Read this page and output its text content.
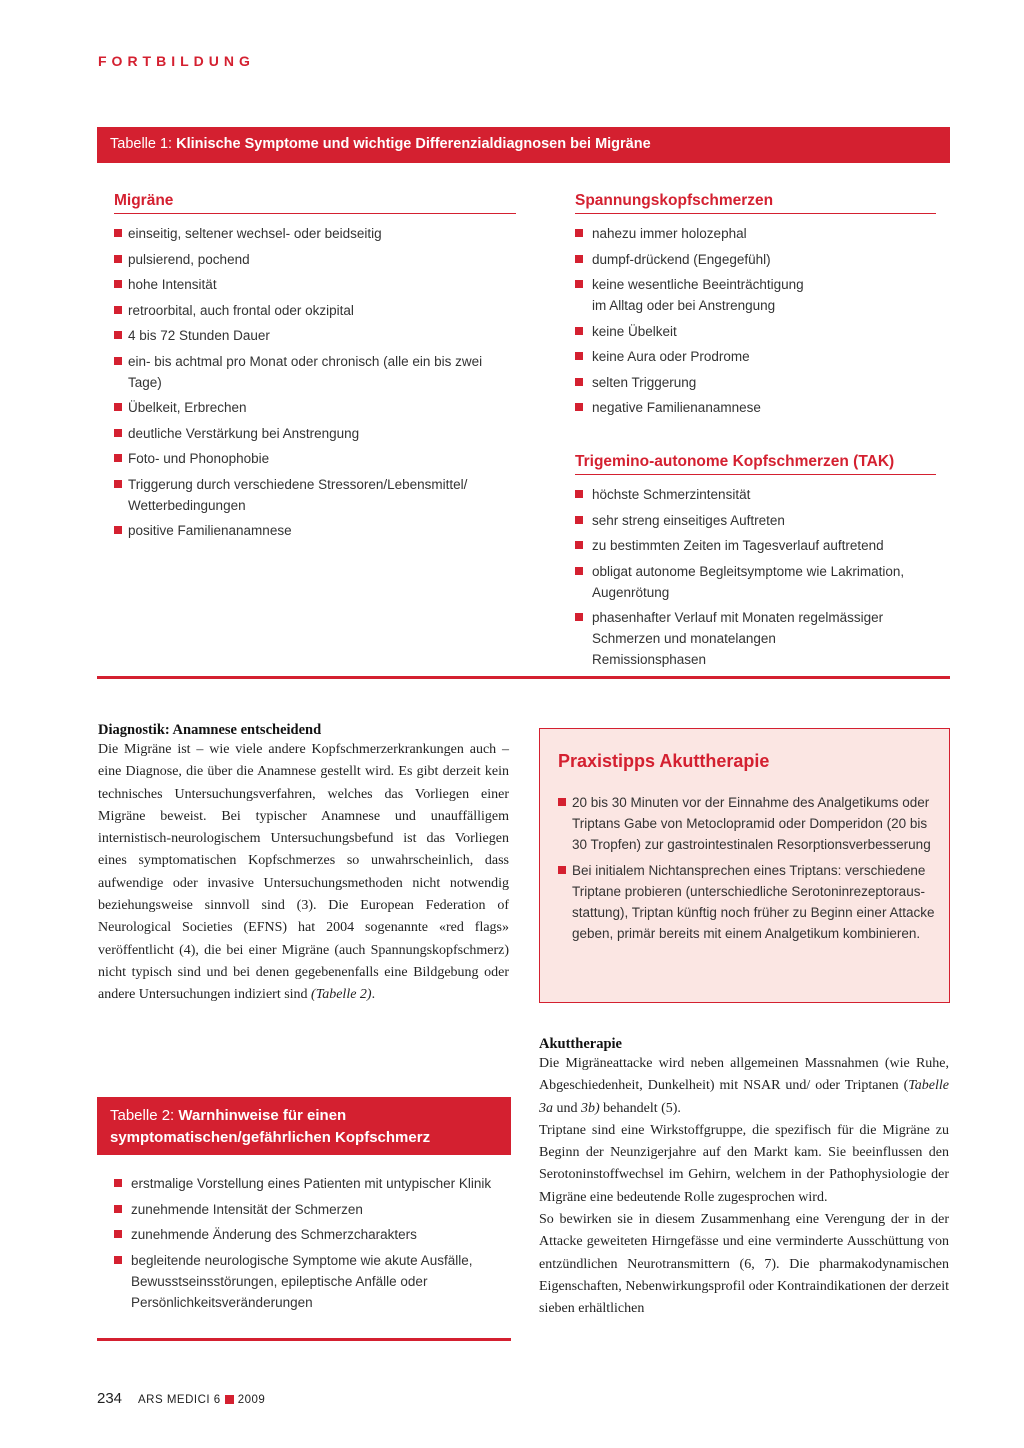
FORTBILDUNG
Tabelle 1: Klinische Symptome und wichtige Differenzialdiagnosen bei Migräne
Migräne
einseitig, seltener wechsel- oder beidseitig
pulsierend, pochend
hohe Intensität
retroorbital, auch frontal oder okzipital
4 bis 72 Stunden Dauer
ein- bis achtmal pro Monat oder chronisch (alle ein bis zwei Tage)
Übelkeit, Erbrechen
deutliche Verstärkung bei Anstrengung
Foto- und Phonophobie
Triggerung durch verschiedene Stressoren/Lebensmittel/ Wetterbedingungen
positive Familienanamnese
Spannungskopfschmerzen
nahezu immer holozephal
dumpf-drückend (Engegefühl)
keine wesentliche Beeinträchtigung im Alltag oder bei Anstrengung
keine Übelkeit
keine Aura oder Prodrome
selten Triggerung
negative Familienanamnese
Trigemino-autonome Kopfschmerzen (TAK)
höchste Schmerzintensität
sehr streng einseitiges Auftreten
zu bestimmten Zeiten im Tagesverlauf auftretend
obligat autonome Begleitsymptome wie Lakrimation, Augenrötung
phasenhafter Verlauf mit Monaten regelmässiger Schmerzen und monatelangen Remissionsphasen
Diagnostik: Anamnese entscheidend
Die Migräne ist – wie viele andere Kopfschmerzerkrankungen auch – eine Diagnose, die über die Anamnese gestellt wird. Es gibt derzeit kein technisches Untersuchungsverfahren, welches das Vorliegen einer Migräne beweist. Bei typischer Anamnese und unauffälligem internistisch-neurologischem Untersuchungsbefund ist das Vorliegen eines symptomatischen Kopfschmerzes so unwahrscheinlich, dass aufwendige oder invasive Untersuchungsmethoden nicht notwendig beziehungsweise sinnvoll sind (3). Die European Federation of Neurological Societies (EFNS) hat 2004 sogenannte «red flags» veröffentlicht (4), die bei einer Migräne (auch Spannungskopfschmerz) nicht typisch sind und bei denen gegebenenfalls eine Bildgebung oder andere Untersuchungen indiziert sind (Tabelle 2).
Praxistipps Akuttherapie
20 bis 30 Minuten vor der Einnahme des Analgetikums oder Triptans Gabe von Metoclopramid oder Domperidon (20 bis 30 Tropfen) zur gastrointestinalen Resorptionsverbesserung
Bei initialem Nichtansprechen eines Triptans: verschiedene Triptane probieren (unterschiedliche Serotoninrezeptoraus-stattung), Triptan künftig noch früher zu Beginn einer Attacke geben, primär bereits mit einem Analgetikum kombinieren.
Akuttherapie
Die Migräneattacke wird neben allgemeinen Massnahmen (wie Ruhe, Abgeschiedenheit, Dunkelheit) mit NSAR und/ oder Triptanen (Tabelle 3a und 3b) behandelt (5).
Triptane sind eine Wirkstoffgruppe, die spezifisch für die Migräne zu Beginn der Neunzigerjahre auf den Markt kam. Sie beeinflussen den Serotoninstoffwechsel im Gehirn, welchem in der Pathophysiologie der Migräne eine bedeutende Rolle zugesprochen wird.
So bewirken sie in diesem Zusammenhang eine Verengung der in der Attacke geweiteten Hirngefässe und eine verminderte Ausschüttung von entzündlichen Neurotransmittern (6, 7). Die pharmakodynamischen Eigenschaften, Nebenwirkungsprofil oder Kontraindikationen der derzeit sieben erhältlichen
Tabelle 2: Warnhinweise für einen symptomatischen/gefährlichen Kopfschmerz
erstmalige Vorstellung eines Patienten mit untypischer Klinik
zunehmende Intensität der Schmerzen
zunehmende Änderung des Schmerzcharakters
begleitende neurologische Symptome wie akute Ausfälle, Bewusstseinsstörungen, epileptische Anfälle oder Persönlichkeitsveränderungen
234 ARS MEDICI 6 2009
